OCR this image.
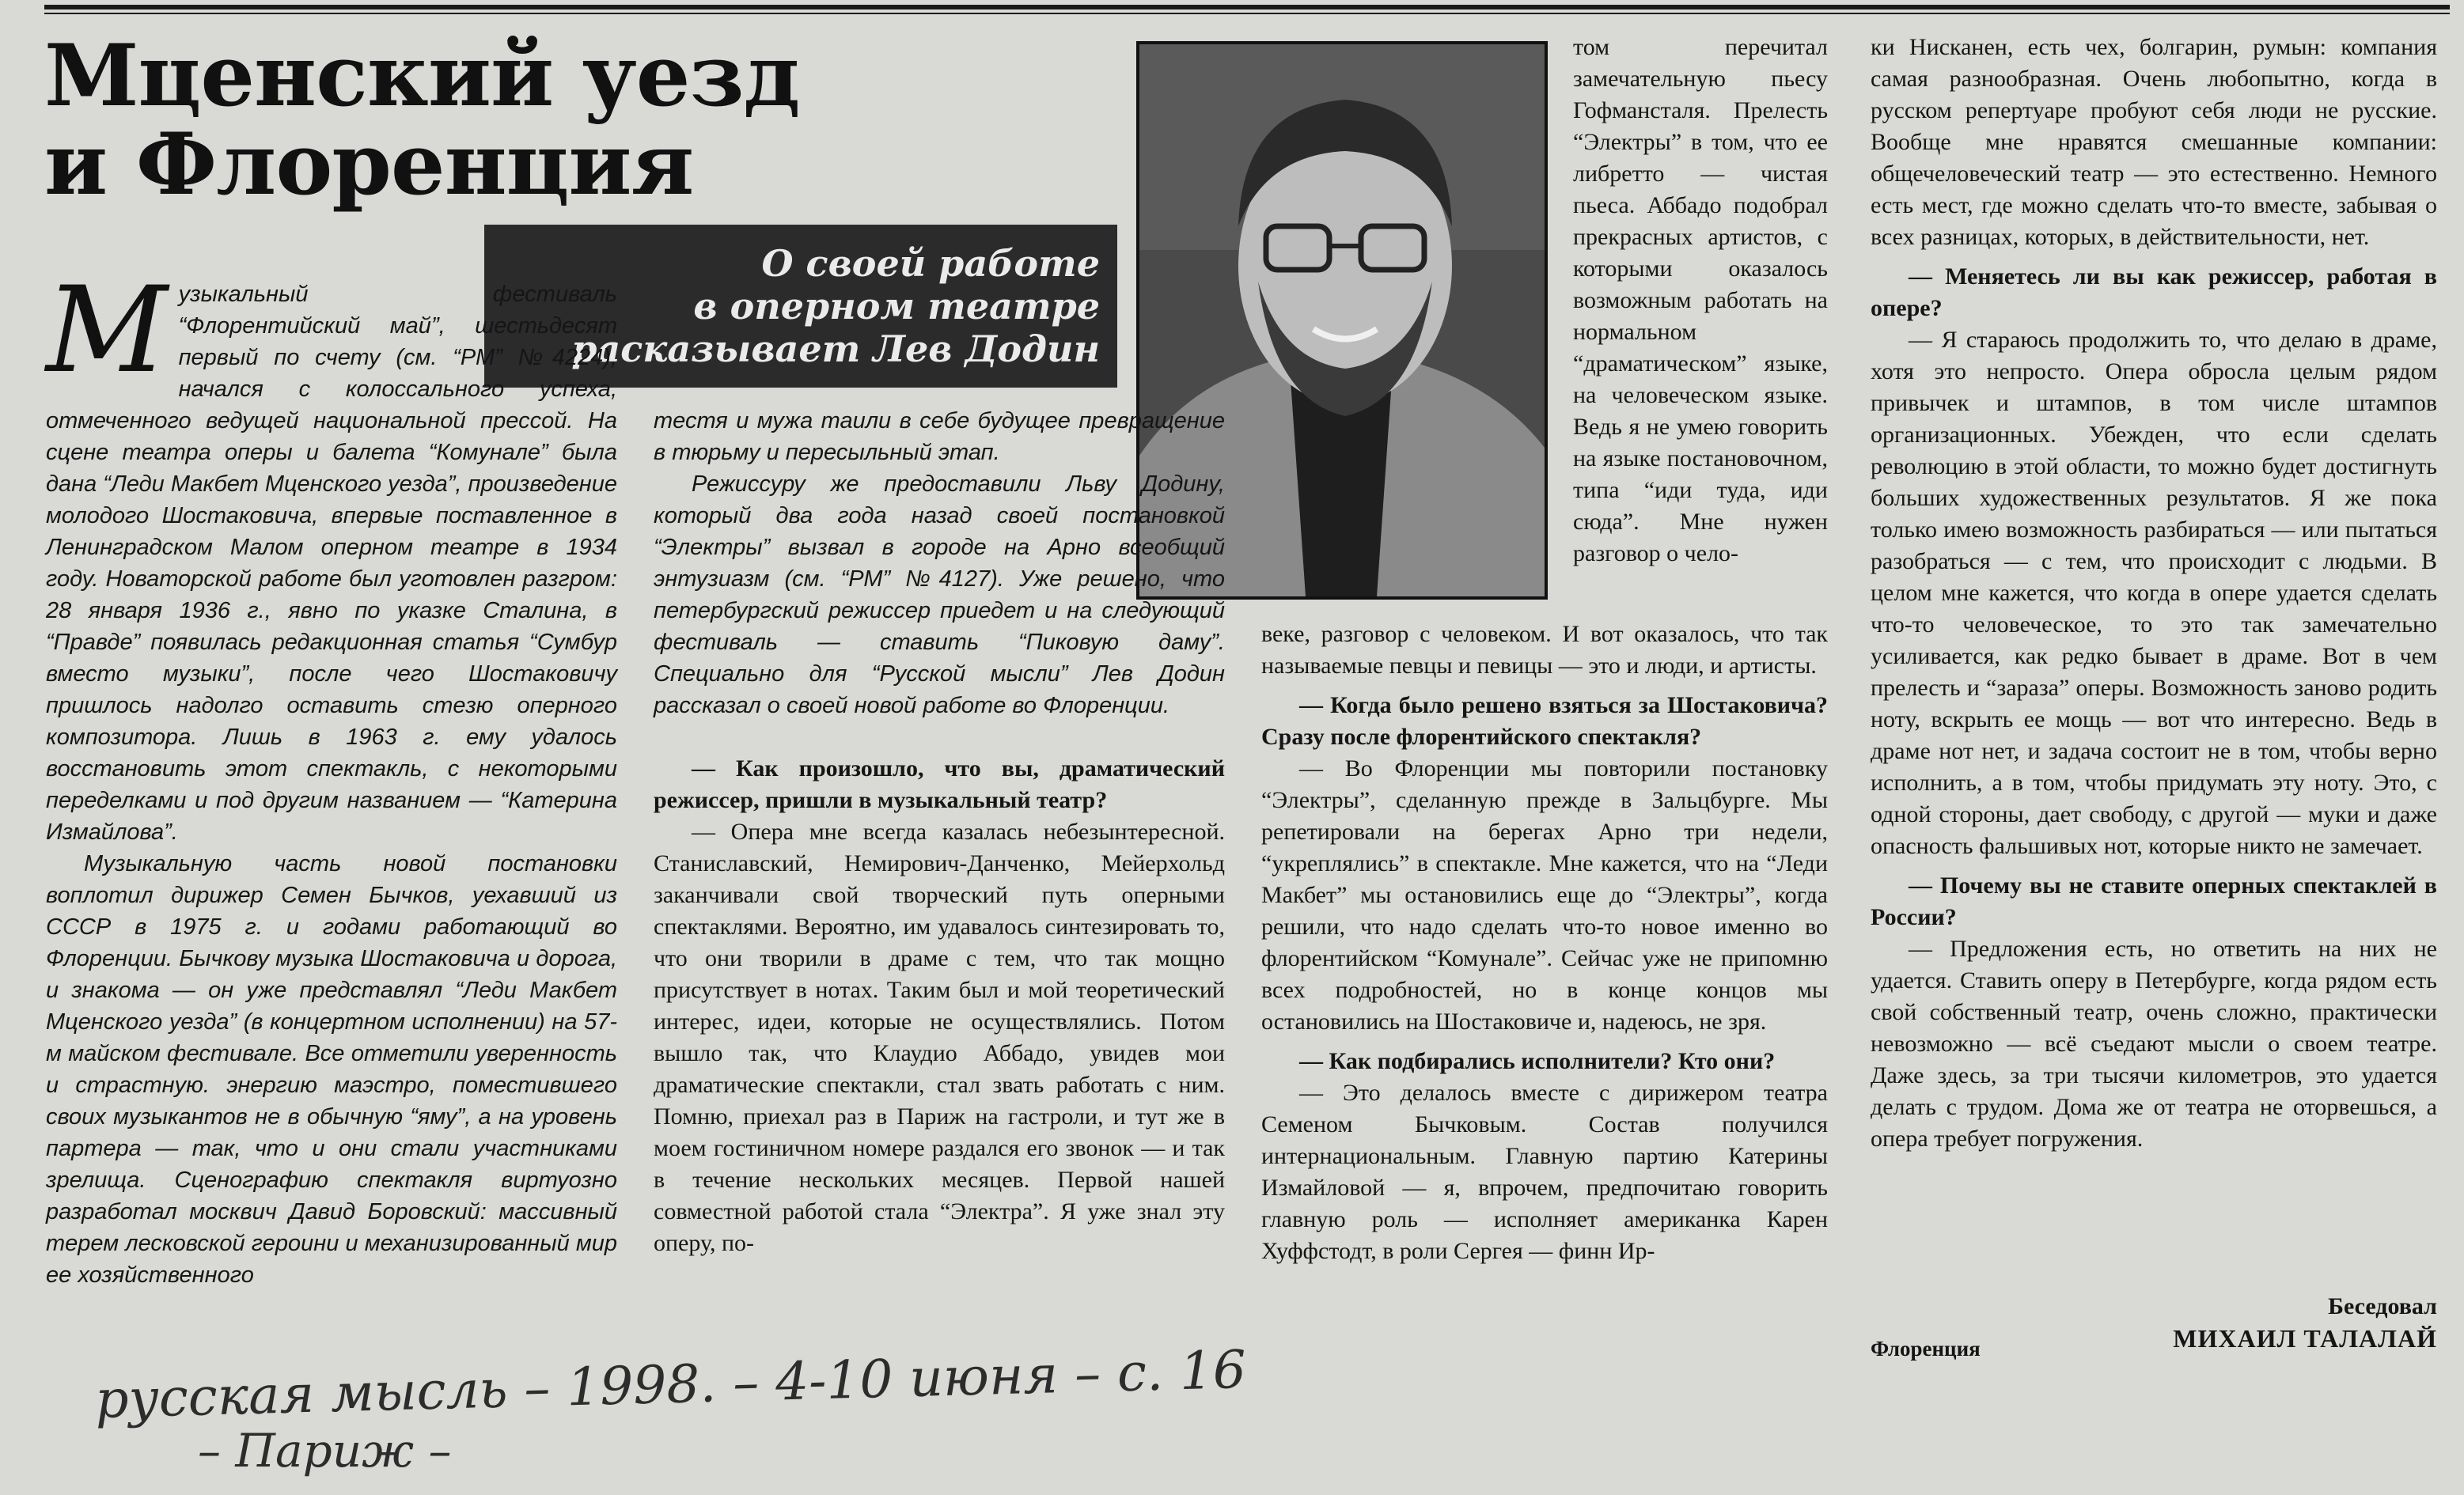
Мценский уезд
и Флоренция
О своей работе
в оперном театре
расказывает Лев Додин
М узыкальный фестиваль “Флорентийский май”, шестьдесят первый по счету (см. “РМ” №4224), начался с колоссального успеха, отмеченного ведущей национальной прессой. На сцене театра оперы и балета “Комунале” была дана “Леди Макбет Мценского уезда”, произведение молодого Шостаковича, впервые поставленное в Ленинградском Малом оперном театре в 1934 году. Новаторской работе был уготовлен разгром: 28 января 1936 г., явно по указке Сталина, в “Правде” появилась редакционная статья “Сумбур вместо музыки”, после чего Шостаковичу пришлось надолго оставить стезю оперного композитора. Лишь в 1963 г. ему удалось восстановить этот спектакль, с некоторыми переделками и под другим названием — “Катерина Измайлова”.

Музыкальную часть новой постановки воплотил дирижер Семен Бычков, уехавший из СССР в 1975 г. и годами работающий во Флоренции. Бычкову музыка Шостаковича и дорога, и знакома — он уже представлял “Леди Макбет Мценского уезда” (в концертном исполнении) на 57-м майском фестивале. Все отметили уверенность и страстную. энергию маэстро, поместившего своих музыкантов не в обычную “яму”, а на уровень партера — так, что и они стали участниками зрелища. Сценографию спектакля виртуозно разработал москвич Давид Боровский: массивный терем лесковской героини и механизированный мир ее хозяйственного

тестя и мужа таили в себе будущее превращение в тюрьму и пересыльный этап.

Режиссуру же предоставили Льву Додину, который два года назад своей постановкой “Электры” вызвал в городе на Арно всеобщий энтузиазм (см. “РМ” №4127). Уже решено, что петербургский режиссер приедет и на следующий фестиваль — ставить “Пиковую даму”. Специально для “Русской мысли” Лев Додин рассказал о своей новой работе во Флоренции.

— Как произошло, что вы, драматический режиссер, пришли в музыкальный театр?

— Опера мне всегда казалась небезынтересной. Станиславский, Немирович-Данченко, Мейерхольд заканчивали свой творческий путь оперными спектаклями. Вероятно, им удавалось синтезировать то, что они творили в драме с тем, что так мощно присутствует в нотах. Таким был и мой теоретический интерес, идеи, которые не осуществлялись. Потом вышло так, что Клаудио Аббадо, увидев мои драматические спектакли, стал звать работать с ним. Помню, приехал раз в Париж на гастроли, и тут же в моем гостиничном номере раздался его звонок — и так в течение нескольких месяцев. Первой нашей совместной работой стала “Электра”. Я уже знал эту оперу, по-

том перечитал замечательную пьесу Гофмансталя. Прелесть “Электры” в том, что ее либретто — чистая пьеса. Аббадо подобрал прекрасных артистов, с которыми оказалось возможным работать на нормальном “драматическом” языке, на человеческом языке. Ведь я не умею говорить на языке постановочном, типа “иди туда, иди сюда”. Мне нужен разговор о чело-

веке, разговор с человеком. И вот оказалось, что так называемые певцы и певицы — это и люди, и артисты.

— Когда было решено взяться за Шостаковича? Сразу после флорентийского спектакля?

— Во Флоренции мы повторили постановку “Электры”, сделанную прежде в Зальцбурге. Мы репетировали на берегах Арно три недели, “укреплялись” в спектакле. Мне кажется, что на “Леди Макбет” мы остановились еще до “Электры”, когда решили, что надо сделать что-то новое именно во флорентийском “Комунале”. Сейчас уже не припомню всех подробностей, но в конце концов мы остановились на Шостаковиче и, надеюсь, не зря.

— Как подбирались исполнители? Кто они?

— Это делалось вместе с дирижером театра Семеном Бычковым. Состав получился интернациональным. Главную партию Катерины Измайловой — я, впрочем, предпочитаю говорить главную роль — исполняет американка Карен Хуффстодт, в роли Сергея — финн Ир-

ки Нисканен, есть чех, болгарин, румын: компания самая разнообразная. Очень любопытно, когда в русском репертуаре пробуют себя люди не русские. Вообще мне нравятся смешанные компании: общечеловеческий театр — это естественно. Немного есть мест, где можно сделать что-то вместе, забывая о всех разницах, которых, в действительности, нет.

— Меняетесь ли вы как режиссер, работая в опере?

— Я стараюсь продолжить то, что делаю в драме, хотя это непросто. Опера обросла целым рядом привычек и штампов, в том числе штампов организационных. Убежден, что если сделать революцию в этой области, то можно будет достигнуть больших художественных результатов. Я же пока только имею возможность разбираться — или пытаться разобраться — с тем, что происходит с людьми. В целом мне кажется, что когда в опере удается сделать что-то человеческое, то это так замечательно усиливается, как редко бывает в драме. Вот в чем прелесть и “зараза” оперы. Возможность заново родить ноту, вскрыть ее мощь — вот что интересно. Ведь в драме нот нет, и задача состоит не в том, чтобы верно исполнить, а в том, чтобы придумать эту ноту. Это, с одной стороны, дает свободу, с другой — муки и даже опасность фальшивых нот, которые никто не замечает.

— Почему вы не ставите оперных спектаклей в России?

— Предложения есть, но ответить на них не удается. Ставить оперу в Петербурге, когда рядом есть свой собственный театр, очень сложно, практически невозможно — всё съедают мысли о своем театре. Даже здесь, за три тысячи километров, это удается делать с трудом. Дома же от театра не оторвешься, а опера требует погружения.

Беседовал
МИХАИЛ ТАЛАЛАЙ
Флоренция
русская мысль – 1998. – 4-10 июня – с. 16
– Париж –
